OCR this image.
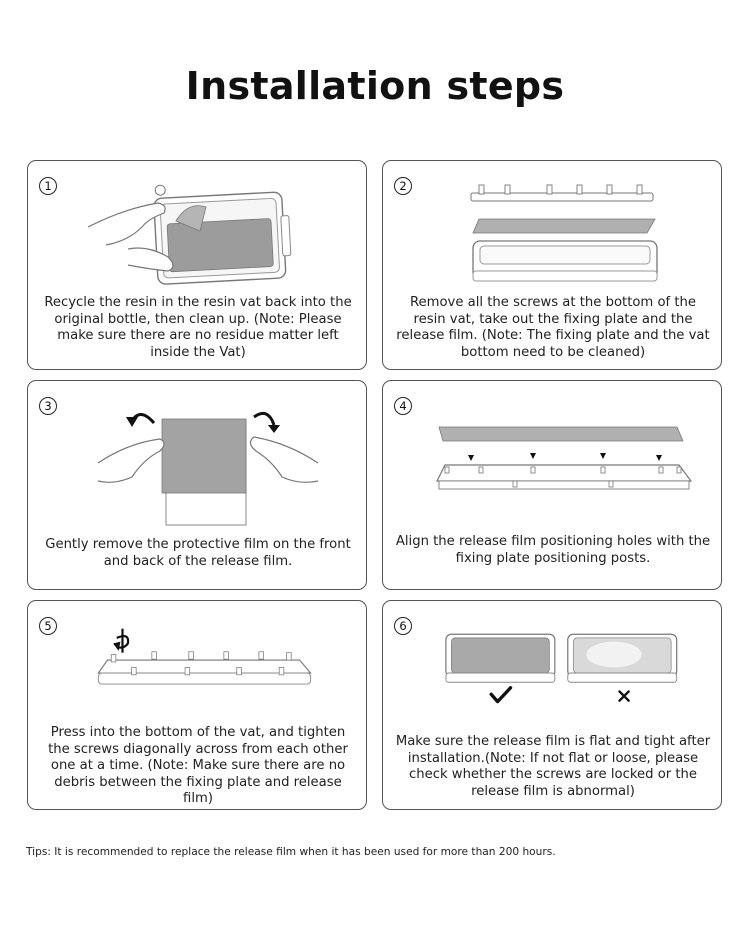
Installation steps
1
Recycle the resin in the resin vat back into the original bottle, then clean up. (Note: Please make sure there are no residue matter left inside the Vat)
2
Remove all the screws at the bottom of the resin vat, take out the fixing plate and the release film. (Note: The fixing plate and the vat bottom need to be cleaned)
3
Gently remove the protective film on the front and back of the release film.
4
Align the release film positioning holes with the fixing plate positioning posts.
5
Press into the bottom of the vat, and tighten the screws diagonally across from each other one at a time. (Note: Make sure there are no debris between the fixing plate and release film)
6
Make sure the release film is flat and tight after installation.(Note: If not flat or loose, please check whether the screws are locked or the release film is abnormal)
Tips: It is recommended to replace the release film when it has been used for more than 200 hours.
